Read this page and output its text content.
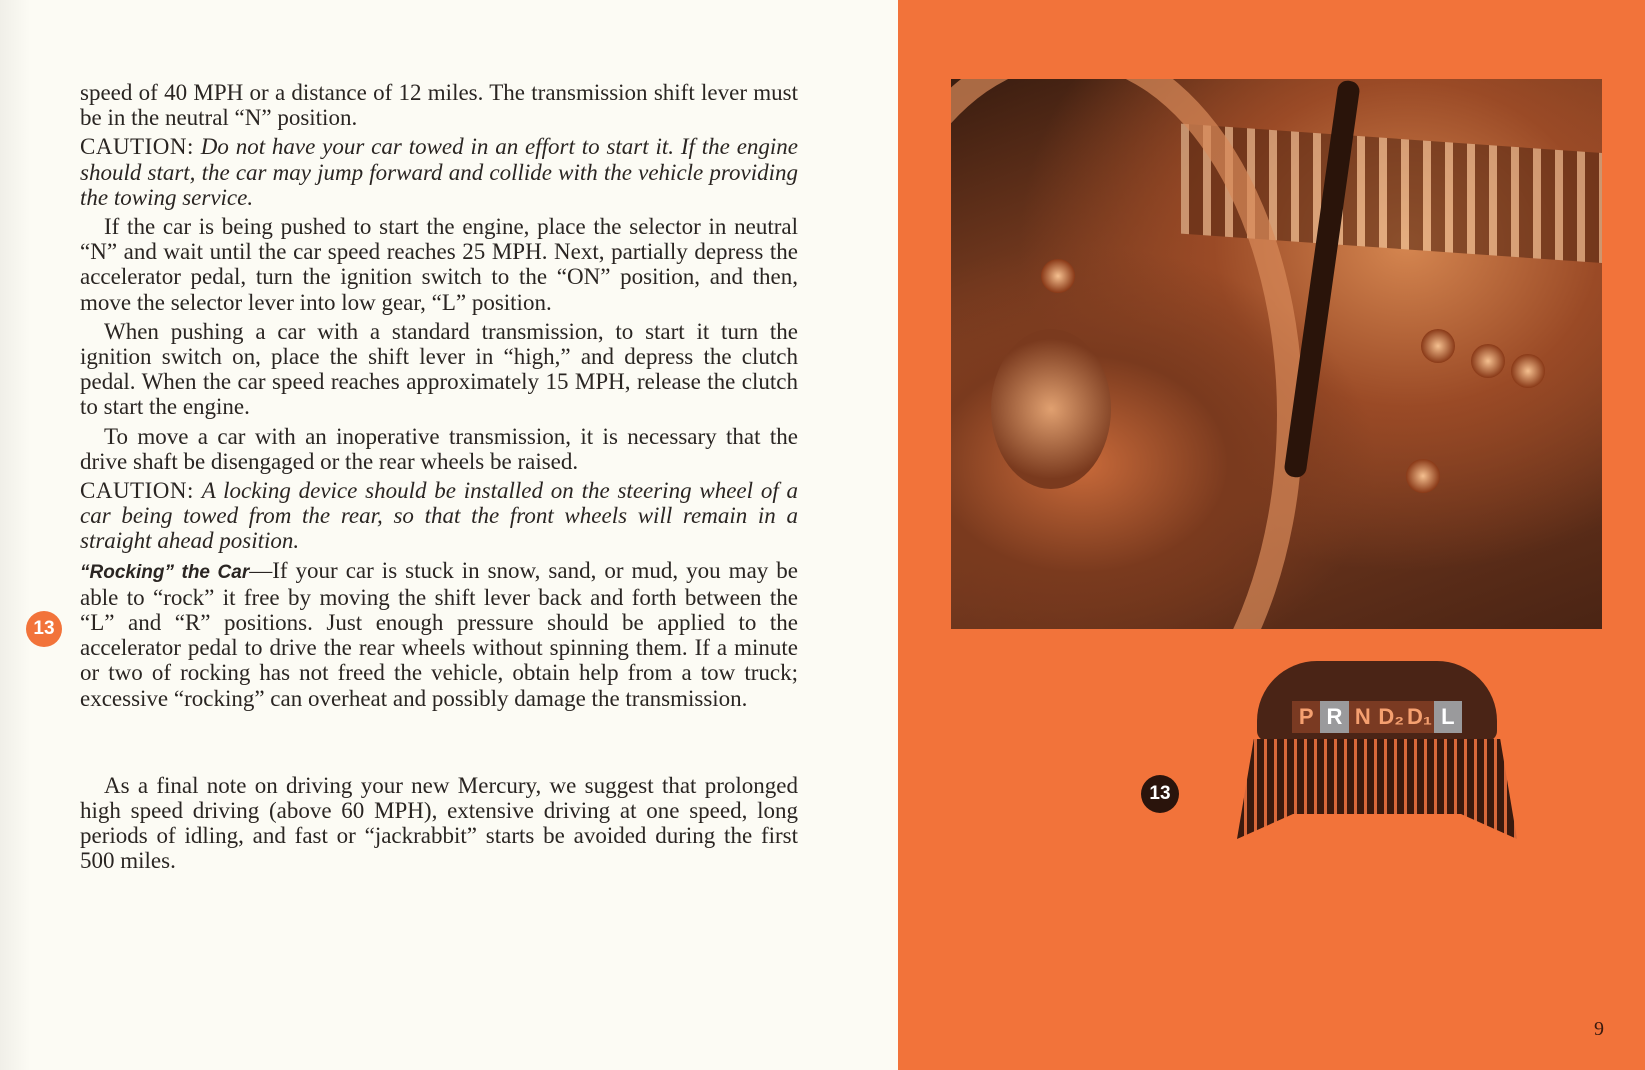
speed of 40 MPH or a distance of 12 miles. The transmission shift lever must be in the neutral “N” position.

CAUTION: Do not have your car towed in an effort to start it. If the engine should start, the car may jump forward and collide with the vehicle providing the towing service.

If the car is being pushed to start the engine, place the selector in neutral “N” and wait until the car speed reaches 25 MPH. Next, partially depress the accelerator pedal, turn the ignition switch to the “ON” position, and then, move the selector lever into low gear, “L” position.

When pushing a car with a standard transmission, to start it turn the ignition switch on, place the shift lever in “high,” and depress the clutch pedal. When the car speed reaches approximately 15 MPH, release the clutch to start the engine.

To move a car with an inoperative transmission, it is necessary that the drive shaft be disengaged or the rear wheels be raised.

CAUTION: A locking device should be installed on the steering wheel of a car being towed from the rear, so that the front wheels will remain in a straight ahead position.

“Rocking” the Car—If your car is stuck in snow, sand, or mud, you may be able to “rock” it free by moving the shift lever back and forth between the “L” and “R” positions. Just enough pressure should be applied to the accelerator pedal to drive the rear wheels without spinning them. If a minute or two of rocking has not freed the vehicle, obtain help from a tow truck; excessive “rocking” can overheat and possibly damage the transmission.

As a final note on driving your new Mercury, we suggest that prolonged high speed driving (above 60 MPH), extensive driving at one speed, long periods of idling, and fast or “jackrabbit” starts be avoided during the first 500 miles.

13
P R N D₂ D₁ L
13
9
